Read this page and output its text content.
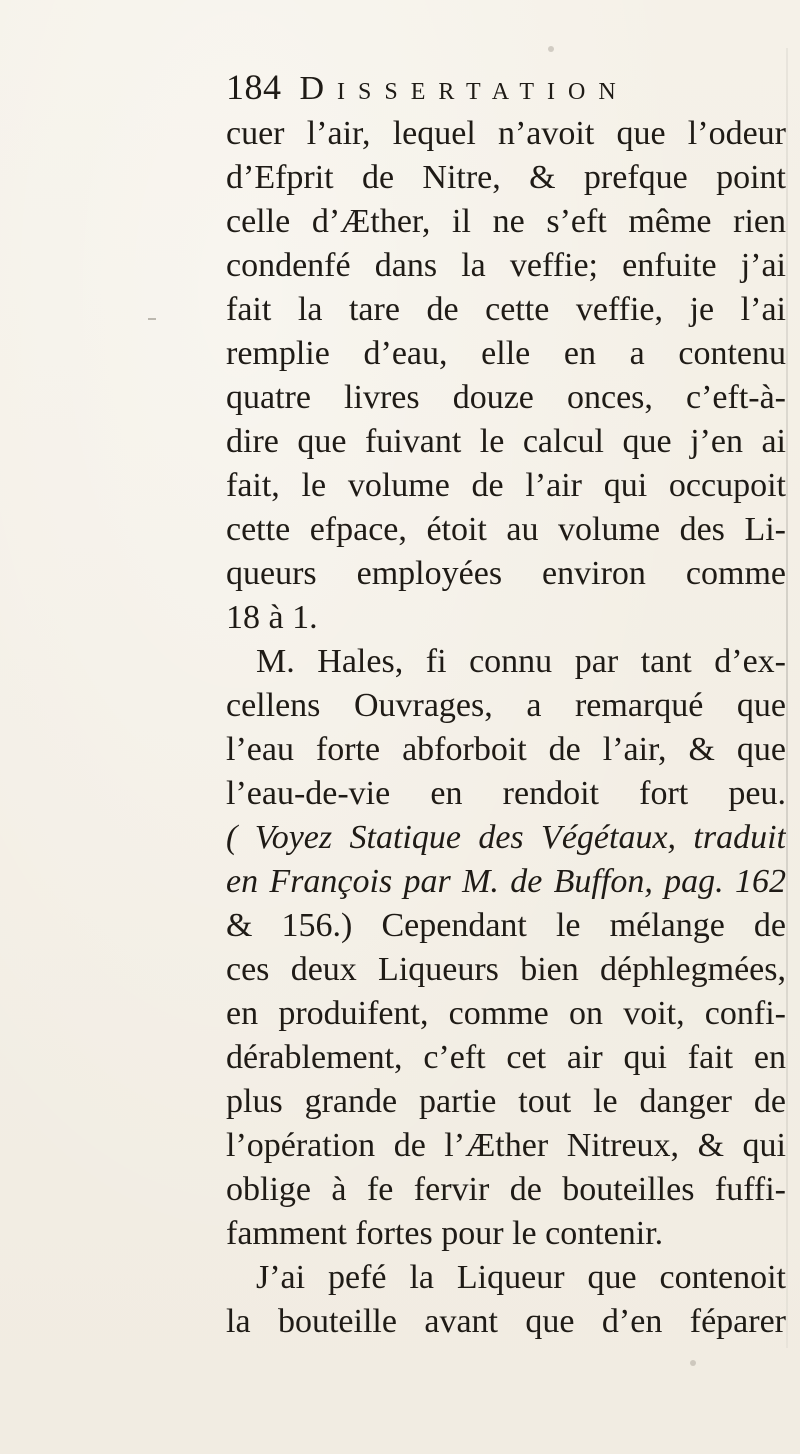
184 Dissertation
cuer l’air, lequel n’avoit que l’odeur
d’Efprit de Nitre, & prefque point
celle d’Æther, il ne s’eft même rien
condenfé dans la veffie; enfuite j’ai
fait la tare de cette veffie, je l’ai
remplie d’eau, elle en a contenu
quatre livres douze onces, c’eft-à-
dire que fuivant le calcul que j’en ai
fait, le volume de l’air qui occupoit
cette efpace, étoit au volume des Li-
queurs employées environ comme
18 à 1.
M. Hales, fi connu par tant d’ex-
cellens Ouvrages, a remarqué que
l’eau forte abforboit de l’air, & que
l’eau-de-vie en rendoit fort peu.
( Voyez Statique des Végétaux, traduit
en François par M. de Buffon, pag. 162
& 156.) Cependant le mélange de
ces deux Liqueurs bien déphlegmées,
en produifent, comme on voit, confi-
dérablement, c’eft cet air qui fait en
plus grande partie tout le danger de
l’opération de l’Æther Nitreux, & qui
oblige à fe fervir de bouteilles fuffi-
famment fortes pour le contenir.
J’ai pefé la Liqueur que contenoit
la bouteille avant que d’en féparer
